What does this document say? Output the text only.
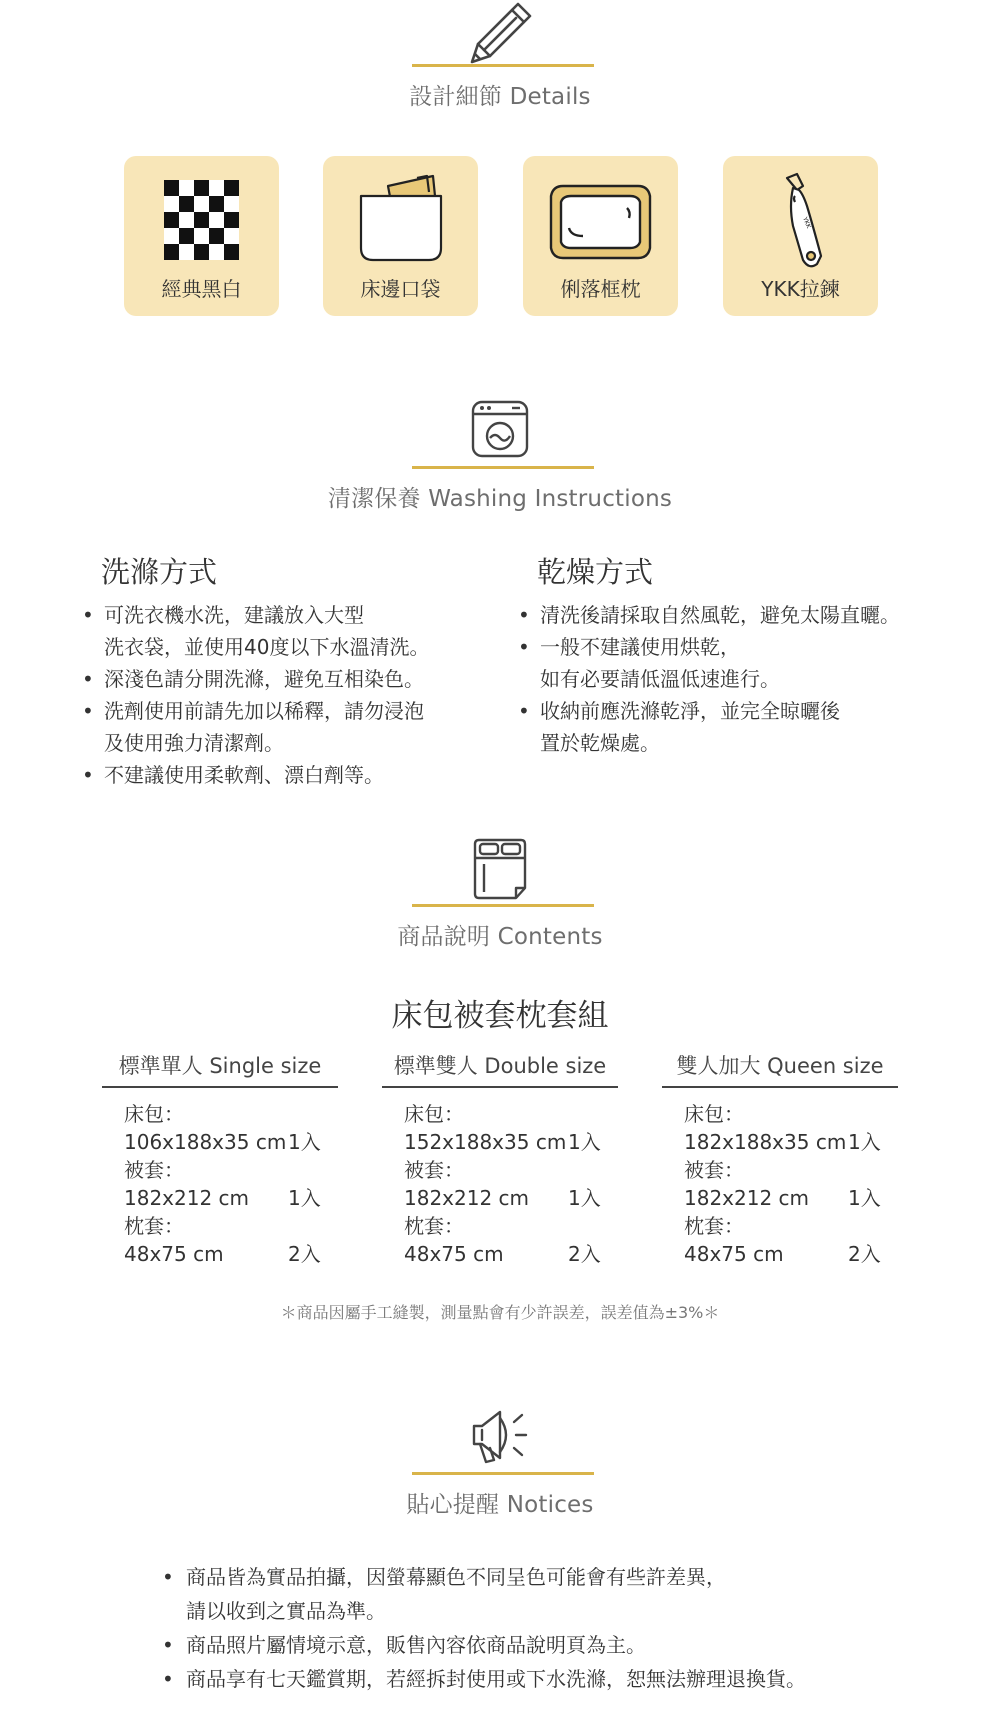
設計細節 Details
經典黑白	床邊口袋	俐落框枕
YKK
YKK拉鍊
清潔保養 Washing Instructions
洗滌方式
• 可洗衣機水洗，建議放入大型
洗衣袋，並使用40度以下水溫清洗。
• 深淺色請分開洗滌，避免互相染色。
• 洗劑使用前請先加以稀釋，請勿浸泡
及使用強力清潔劑。
• 不建議使用柔軟劑、漂白劑等。
乾燥方式
• 清洗後請採取自然風乾，避免太陽直曬。
• 一般不建議使用烘乾，
如有必要請低溫低速進行。
• 收納前應洗滌乾淨，並完全晾曬後
置於乾燥處。
商品說明 Contents
床包被套枕套組
標準單人 Single size
床包：
106x188x35 cm 1入
被套：
182x212 cm 1入
枕套：
48x75 cm	2入
標準雙人 Double size
床包：
152x188x35 cm 1入
被套：
182x212 cm 1入
枕套：
48x75 cm	2入
雙人加大 Queen size
床包：
182x188x35 cm 1入
被套：
182x212 cm 1入
枕套：
48x75 cm	2入
＊商品因屬手工縫製，測量點會有少許誤差，誤差值為±3%＊
貼心提醒 Notices
• 商品皆為實品拍攝，因螢幕顯色不同呈色可能會有些許差異，
請以收到之實品為準。
• 商品照片屬情境示意，販售內容依商品說明頁為主。
• 商品享有七天鑑賞期，若經拆封使用或下水洗滌，恕無法辦理退換貨。
